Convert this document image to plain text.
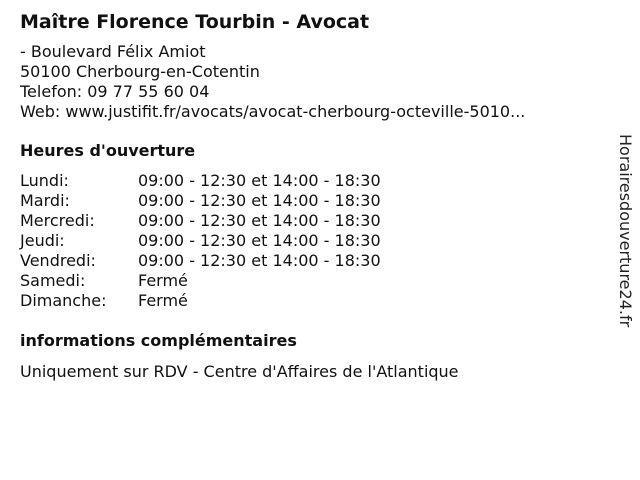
Maître Florence Tourbin - Avocat
- Boulevard Félix Amiot
50100 Cherbourg-en-Cotentin
Telefon: 09 77 55 60 04
Web: www.justifit.fr/avocats/avocat-cherbourg-octeville-5010...
Heures d'ouverture
Lundi:	09:00 - 12:30 et 14:00 - 18:30
Mardi:	09:00 - 12:30 et 14:00 - 18:30
Mercredi:	09:00 - 12:30 et 14:00 - 18:30
Jeudi:	09:00 - 12:30 et 14:00 - 18:30
Vendredi:	09:00 - 12:30 et 14:00 - 18:30
Samedi:	Fermé
Dimanche: Fermé
informations complémentaires
Uniquement sur RDV - Centre d'Affaires de l'Atlantique
Horairesdouverture24.fr
